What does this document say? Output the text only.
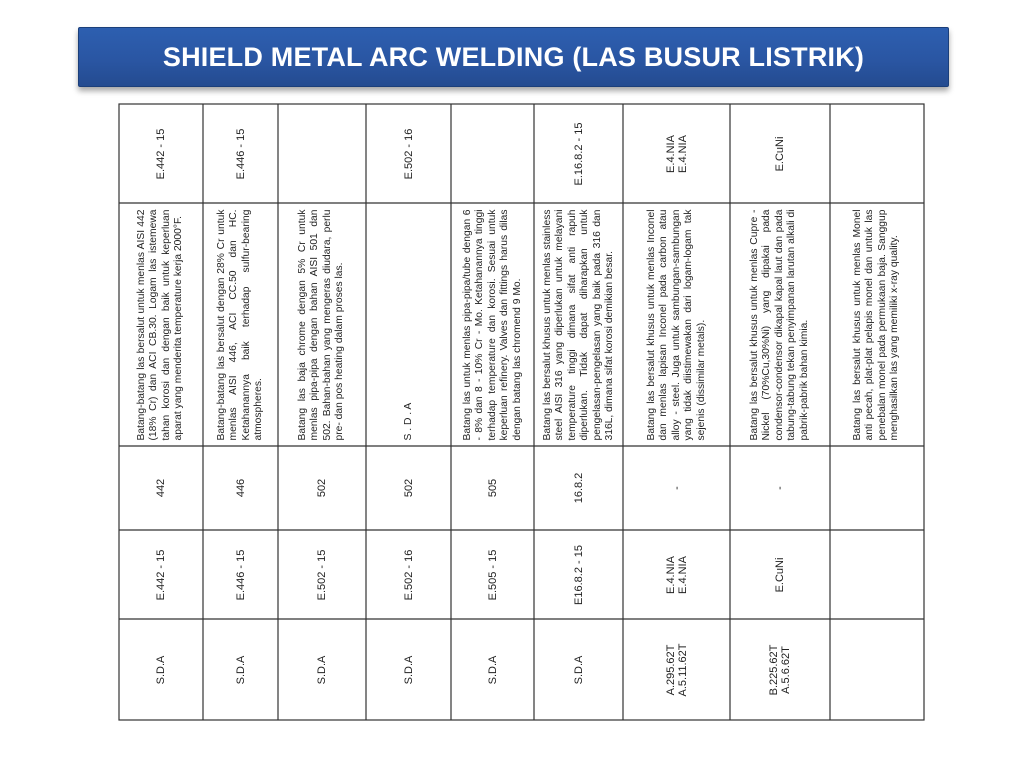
SHIELD METAL ARC WELDING (LAS BUSUR LISTRIK)
E.442 - 15
Batang-batang las bersalut untuk menlas AISI 442 (18% Cr) dan ACI CB.30. Logam las istemewa tahan korosi dan dengan baik untuk keperluan aparat yang menderita temperature kerja 2000°F.
442
E.442 - 15
S.D.A
E.446 - 15
Batang-batang las bersalut dengan 28% Cr untuk menlas AISI 446, ACI CC.50 dan HC. Ketahanannya baik terhadap sulfur-bearing atmospheres.
446
E.446 - 15
S.D.A
Batang las baja chrome dengan 5% Cr untuk menlas pipa-pipa dengan bahan AISI 501 dan 502. Bahan-bahan yang mengeras diudara, perlu pre- dan pos heating dalam proses las.
502
E.502 - 15
S.D.A
E.502 - 16
S . D . A
502
E.502 - 16
S.D.A
Batang las untuk menlas pipa-pipa/tube dengan 6 - 8% dan 8 - 10% Cr - Mo. Ketahanannya tinggi terhadap temperature dan korosi. Sesuai untuk keperluan refinery. Valves dan fittings harus dilas dengan batang las chromend 9 Mo.
505
E.505 - 15
S.D.A
E.16.8.2 - 15
Batang las bersalut khusus untuk menlas stainless steel AISI 316 yang diperlukan untuk melayani temperature tinggi dimana sifat anti rapuh diperlukan. Tidak dapat diharapkan untuk pengelasan-pengelasan yang baik pada 316 dan 316L, dimana sifat korosi demikian besar.
16.8.2
E16.8.2 - 15
S.D.A
E.4.NIA
E.4.NIA
Batang las bersalut khusus untuk menlas Inconel dan menlas lapisan Inconel pada carbon atau alloy - steel. Juga untuk sambungan-sambungan yang tidak diistimewakan dari logam-logam tak sejenis (dissimilar metals).
-
E.4.NIA
E.4.NIA
A.295.62T
A.5.11.62T
E.CuNi
Batang las bersalut khusus untuk menlas Cupre - Nickel (70%Cu,30%Ni) yang dipakai pada condensor-condensor dikapal kapal laut dan pada tabung-tabung tekan penyimpanan larutan alkali di pabrik-pabrik bahan kimia.
-
E.CuNi
B.225.62T
A.5.6.62T
Batang las bersalut khusus untuk menlas Monel anti pecah, plat-plat pelapis monel dan untuk las penebalan monel pada permukaan baja. Sanggup menghasilkan las yang memiliki x-ray quality.
